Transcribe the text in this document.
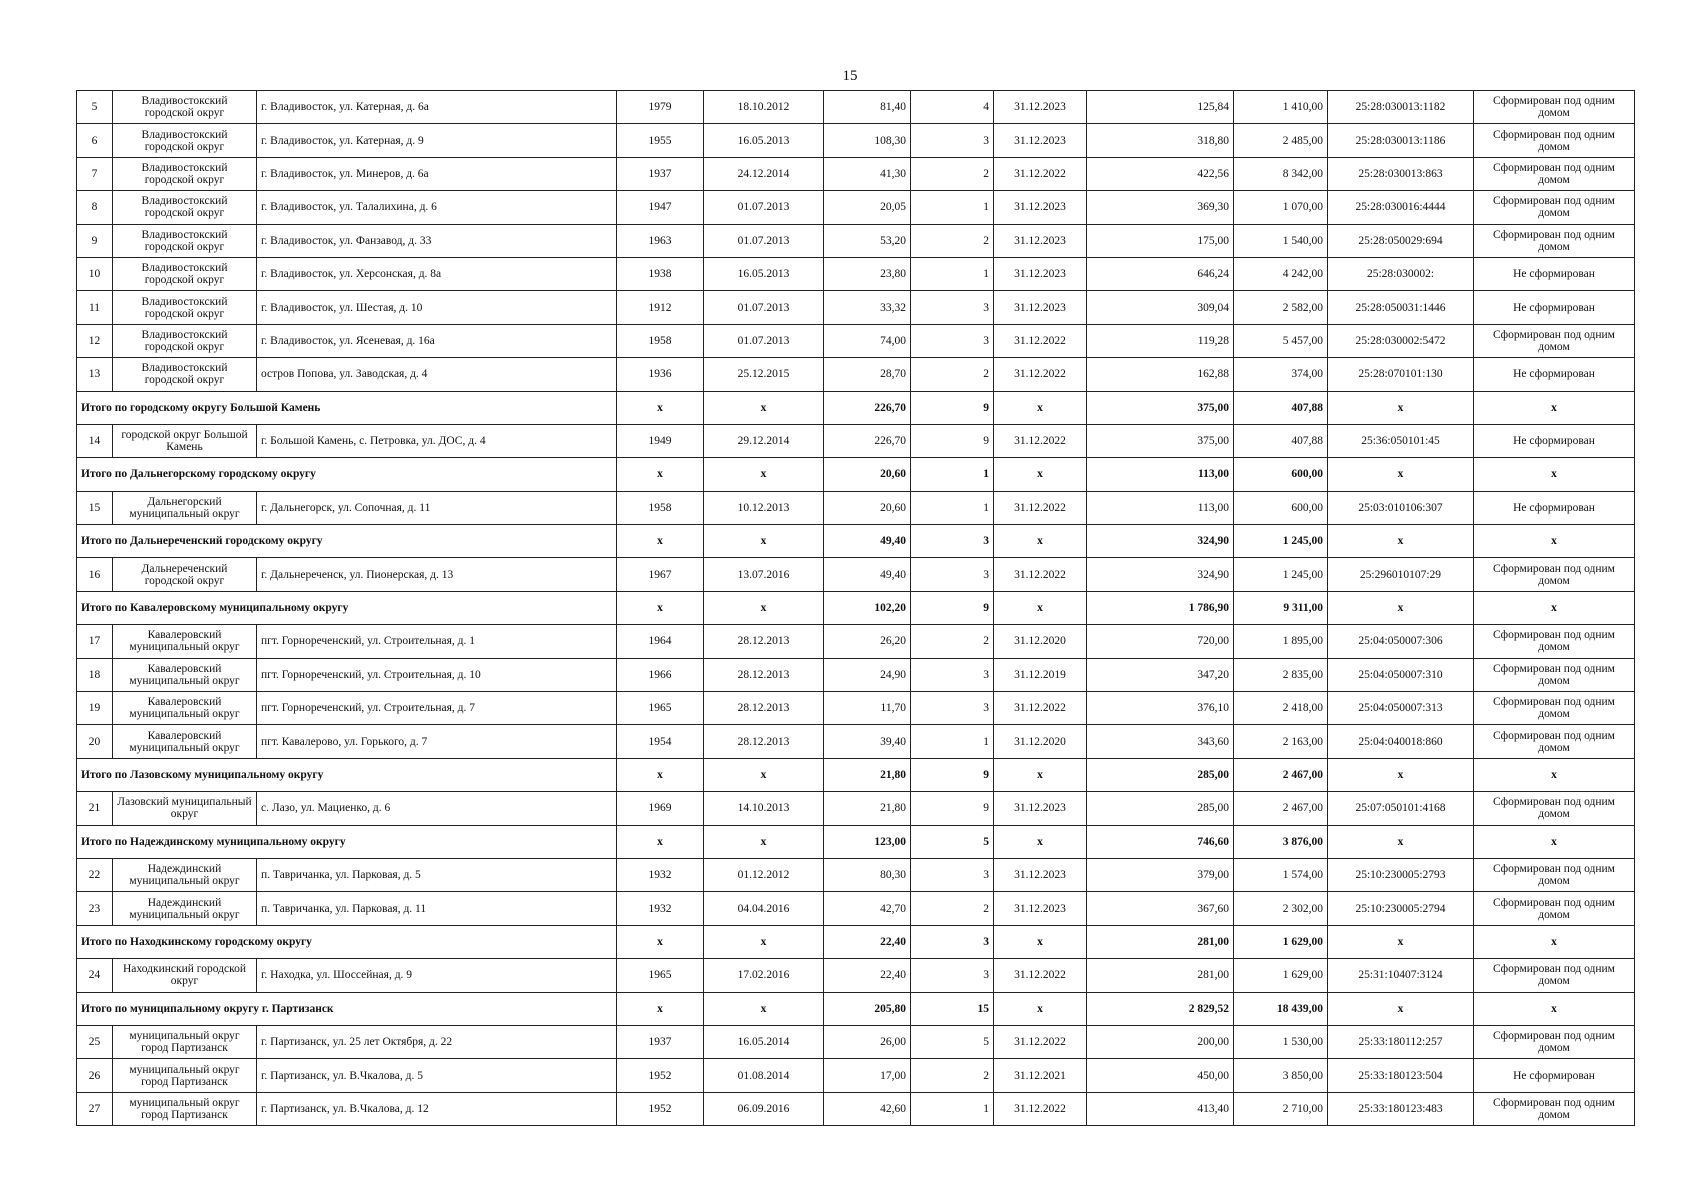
15
5	Владивостокский городской округ	г. Владивосток, ул. Катерная, д. 6а	1979	18.10.2012	81,40	4	31.12.2023	125,84	1 410,00	25:28:030013:1182	Сформирован под одним домом
6	Владивостокский городской округ	г. Владивосток, ул. Катерная, д. 9	1955	16.05.2013	108,30	3	31.12.2023	318,80	2 485,00	25:28:030013:1186	Сформирован под одним домом
7	Владивостокский городской округ	г. Владивосток, ул. Минеров, д. 6а	1937	24.12.2014	41,30	2	31.12.2022	422,56	8 342,00	25:28:030013:863	Сформирован под одним домом
8	Владивостокский городской округ	г. Владивосток, ул. Талалихина, д. 6	1947	01.07.2013	20,05	1	31.12.2023	369,30	1 070,00	25:28:030016:4444	Сформирован под одним домом
9	Владивостокский городской округ	г. Владивосток, ул. Фанзавод, д. 33	1963	01.07.2013	53,20	2	31.12.2023	175,00	1 540,00	25:28:050029:694	Сформирован под одним домом
10	Владивостокский городской округ	г. Владивосток, ул. Херсонская, д. 8а	1938	16.05.2013	23,80	1	31.12.2023	646,24	4 242,00	25:28:030002:	Не сформирован
11	Владивостокский городской округ	г. Владивосток, ул. Шестая, д. 10	1912	01.07.2013	33,32	3	31.12.2023	309,04	2 582,00	25:28:050031:1446	Не сформирован
12	Владивостокский городской округ	г. Владивосток, ул. Ясеневая, д. 16а	1958	01.07.2013	74,00	3	31.12.2022	119,28	5 457,00	25:28:030002:5472	Сформирован под одним домом
13	Владивостокский городской округ	остров Попова, ул. Заводская, д. 4	1936	25.12.2015	28,70	2	31.12.2022	162,88	374,00	25:28:070101:130	Не сформирован
Итого по городскому округу Большой Камень			x	x	226,70	9	x	375,00	407,88	x	x
14	городской округ Большой Камень	г. Большой Камень, с. Петровка, ул. ДОС, д. 4	1949	29.12.2014	226,70	9	31.12.2022	375,00	407,88	25:36:050101:45	Не сформирован
Итого по Дальнегорскому городскому округу			x	x	20,60	1	x	113,00	600,00	x	x
15	Дальнегорский муниципальный округ	г. Дальнегорск, ул. Сопочная, д. 11	1958	10.12.2013	20,60	1	31.12.2022	113,00	600,00	25:03:010106:307	Не сформирован
Итого по Дальнереченский городскому округу			x	x	49,40	3	x	324,90	1 245,00	x	x
16	Дальнереченский городской округ	г. Дальнереченск, ул. Пионерская, д. 13	1967	13.07.2016	49,40	3	31.12.2022	324,90	1 245,00	25:296010107:29	Сформирован под одним домом
Итого по Кавалеровскому муниципальному округу			x	x	102,20	9	x	1 786,90	9 311,00	x	x
17	Кавалеровский муниципальный округ	пгт. Горнореченский, ул. Строительная, д. 1	1964	28.12.2013	26,20	2	31.12.2020	720,00	1 895,00	25:04:050007:306	Сформирован под одним домом
18	Кавалеровский муниципальный округ	пгт. Горнореченский, ул. Строительная, д. 10	1966	28.12.2013	24,90	3	31.12.2019	347,20	2 835,00	25:04:050007:310	Сформирован под одним домом
19	Кавалеровский муниципальный округ	пгт. Горнореченский, ул. Строительная, д. 7	1965	28.12.2013	11,70	3	31.12.2022	376,10	2 418,00	25:04:050007:313	Сформирован под одним домом
20	Кавалеровский муниципальный округ	пгт. Кавалерово, ул. Горького, д. 7	1954	28.12.2013	39,40	1	31.12.2020	343,60	2 163,00	25:04:040018:860	Сформирован под одним домом
Итого по Лазовскому муниципальному округу			x	x	21,80	9	x	285,00	2 467,00	x	x
21	Лазовский муниципальный округ	с. Лазо, ул. Мациенко, д. 6	1969	14.10.2013	21,80	9	31.12.2023	285,00	2 467,00	25:07:050101:4168	Сформирован под одним домом
Итого по Надеждинскому муниципальному округу			x	x	123,00	5	x	746,60	3 876,00	x	x
22	Надеждинский муниципальный округ	п. Тавричанка, ул. Парковая, д. 5	1932	01.12.2012	80,30	3	31.12.2023	379,00	1 574,00	25:10:230005:2793	Сформирован под одним домом
23	Надеждинский муниципальный округ	п. Тавричанка, ул. Парковая, д. 11	1932	04.04.2016	42,70	2	31.12.2023	367,60	2 302,00	25:10:230005:2794	Сформирован под одним домом
Итого по Находкинскому городскому округу			x	x	22,40	3	x	281,00	1 629,00	x	x
24	Находкинский городской округ	г. Находка, ул. Шоссейная, д. 9	1965	17.02.2016	22,40	3	31.12.2022	281,00	1 629,00	25:31:10407:3124	Сформирован под одним домом
Итого по муниципальному округу г. Партизанск			x	x	205,80	15	x	2 829,52	18 439,00	x	x
25	муниципальный округ город Партизанск	г. Партизанск, ул. 25 лет Октября, д. 22	1937	16.05.2014	26,00	5	31.12.2022	200,00	1 530,00	25:33:180112:257	Сформирован под одним домом
26	муниципальный округ город Партизанск	г. Партизанск, ул. В.Чкалова, д. 5	1952	01.08.2014	17,00	2	31.12.2021	450,00	3 850,00	25:33:180123:504	Не сформирован
27	муниципальный округ город Партизанск	г. Партизанск, ул. В.Чкалова, д. 12	1952	06.09.2016	42,60	1	31.12.2022	413,40	2 710,00	25:33:180123:483	Сформирован под одним домом
